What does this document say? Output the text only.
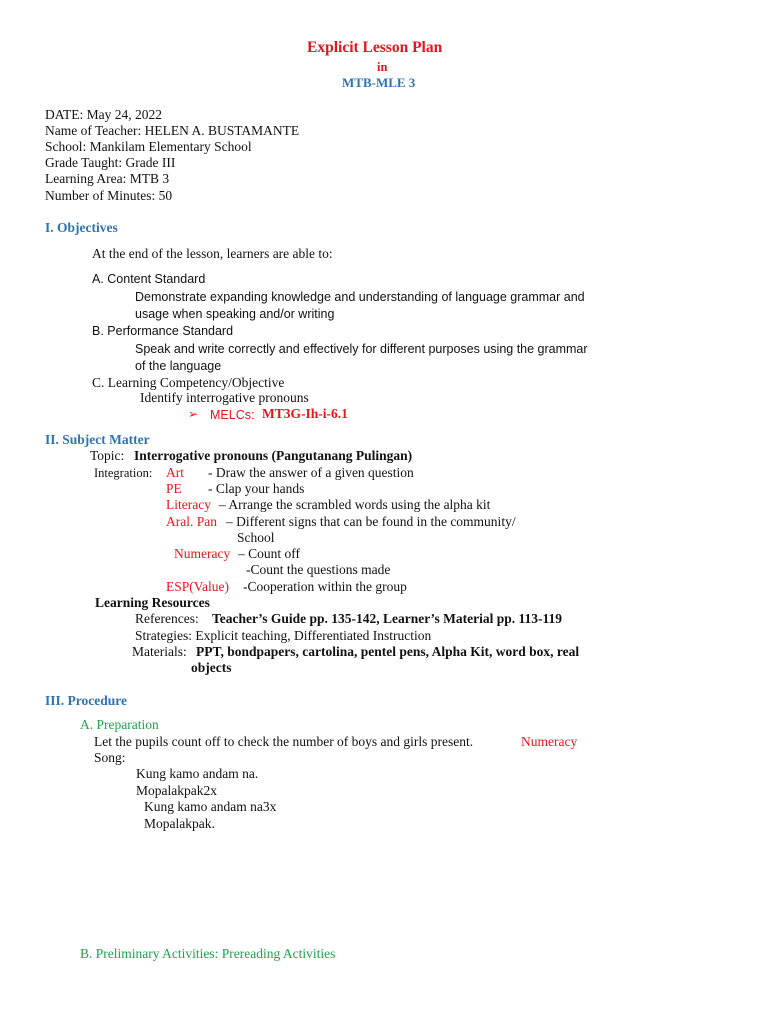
Explicit Lesson Plan
in
MTB-MLE 3
DATE: May 24, 2022
Name of Teacher: HELEN A. BUSTAMANTE
School: Mankilam Elementary School
Grade Taught: Grade III
Learning Area: MTB 3
Number of Minutes: 50
I. Objectives
At the end of the lesson, learners are able to:
A. Content Standard
Demonstrate expanding knowledge and understanding of language grammar and
usage when speaking and/or writing
B. Performance Standard
Speak and write correctly and effectively for different purposes using the grammar
of the language
C. Learning Competency/Objective
Identify interrogative pronouns
➢ MELCs: MT3G-Ih-i-6.1
II. Subject Matter
Topic: Interrogative pronouns (Pangutanang Pulingan)
Integration: Art - Draw the answer of a given question
PE - Clap your hands
Literacy – Arrange the scrambled words using the alpha kit
Aral. Pan – Different signs that can be found in the community/
School
Numeracy – Count off
-Count the questions made
ESP(Value) -Cooperation within the group
Learning Resources
References: Teacher’s Guide pp. 135-142, Learner’s Material pp. 113-119
Strategies: Explicit teaching, Differentiated Instruction
Materials: PPT, bondpapers, cartolina, pentel pens, Alpha Kit, word box, real
objects
III. Procedure
A. Preparation
Let the pupils count off to check the number of boys and girls present.	Numeracy
Song:
Kung kamo andam na.
Mopalakpak2x
Kung kamo andam na3x
Mopalakpak.
B. Preliminary Activities: Prereading Activities
